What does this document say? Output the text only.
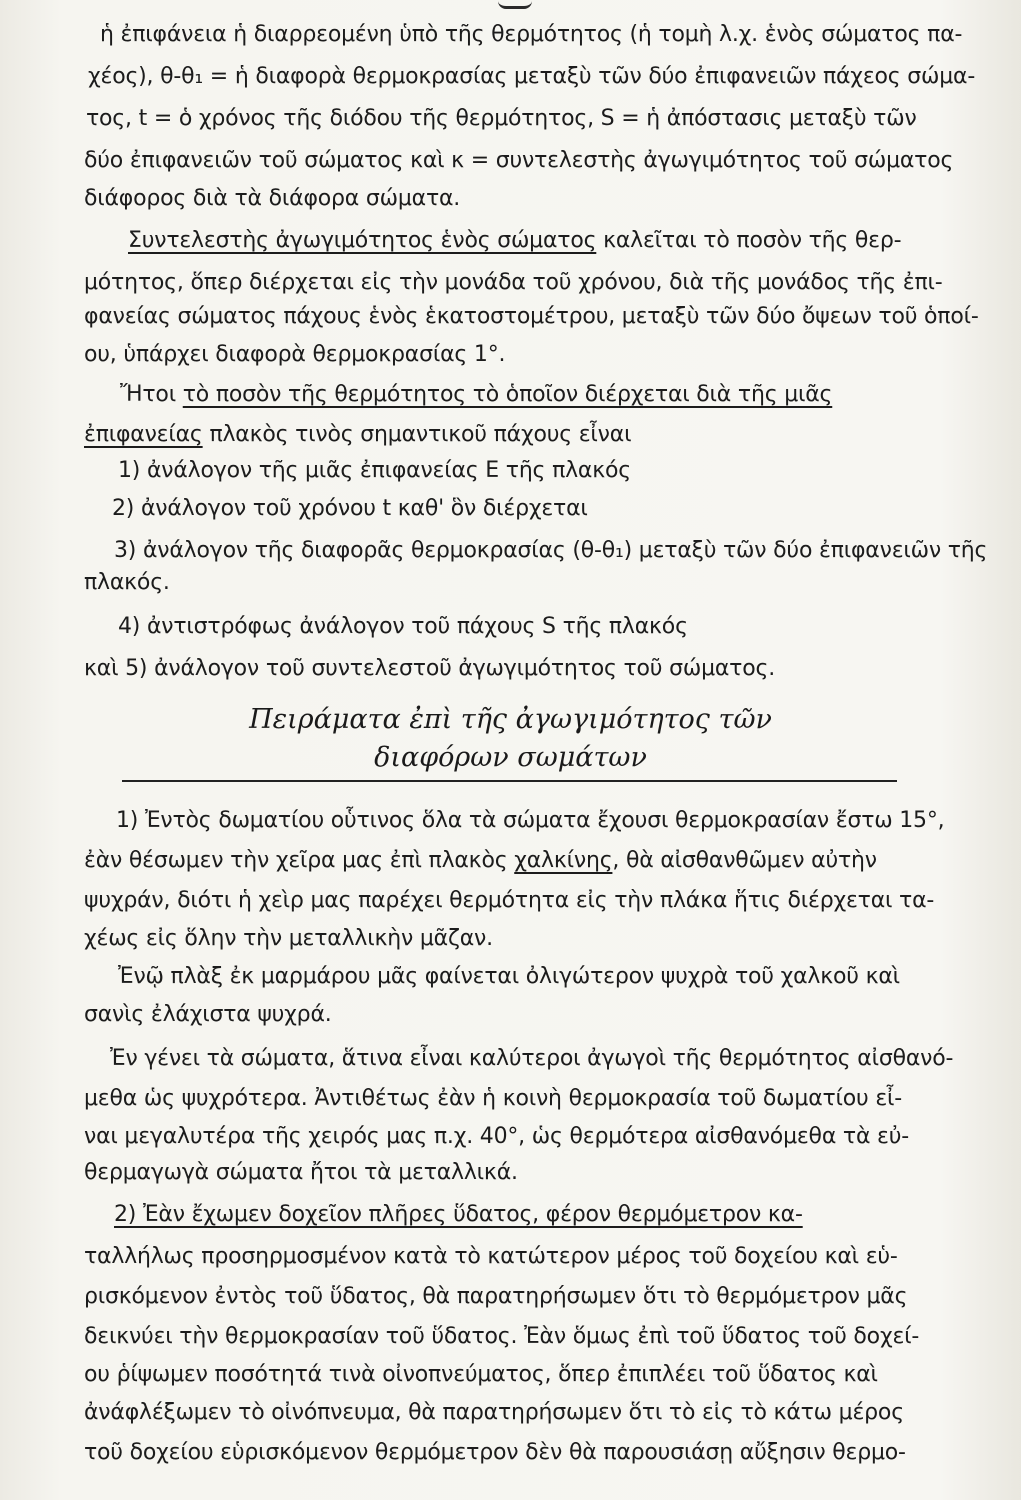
ἡ ἐπιφάνεια ἡ διαρρεομένη ὑπὸ τῆς θερμότητος (ἡ τομὴ λ.χ. ἑνὸς σώματος πα-
χέος), θ-θ₁ = ἡ διαφορὰ θερμοκρασίας μεταξὺ τῶν δύο ἐπιφανειῶν πάχεος σώμα-
τος, t = ὁ χρόνος τῆς διόδου τῆς θερμότητος, S = ἡ ἀπόστασις μεταξὺ τῶν
δύο ἐπιφανειῶν τοῦ σώματος καὶ κ = συντελεστὴς ἀγωγιμότητος τοῦ σώματος
διάφορος διὰ τὰ διάφορα σώματα.
Συντελεστὴς ἀγωγιμότητος ἑνὸς σώματος καλεῖται τὸ ποσὸν τῆς θερ-
μότητος, ὅπερ διέρχεται εἰς τὴν μονάδα τοῦ χρόνου, διὰ τῆς μονάδος τῆς ἐπι-
φανείας σώματος πάχους ἑνὸς ἑκατοστομέτρου, μεταξὺ τῶν δύο ὄψεων τοῦ ὁποί-
ου, ὑπάρχει διαφορὰ θερμοκρασίας 1°.
Ἤτοι τὸ ποσὸν τῆς θερμότητος τὸ ὁποῖον διέρχεται διὰ τῆς μιᾶς
ἐπιφανείας πλακὸς τινὸς σημαντικοῦ πάχους εἶναι
1) ἀνάλογον τῆς μιᾶς ἐπιφανείας Ε τῆς πλακός
2) ἀνάλογον τοῦ χρόνου t καθ' ὃν διέρχεται
3) ἀνάλογον τῆς διαφορᾶς θερμοκρασίας (θ-θ₁) μεταξὺ τῶν δύο ἐπιφανειῶν τῆς
πλακός.
4) ἀντιστρόφως ἀνάλογον τοῦ πάχους S τῆς πλακός
καὶ 5) ἀνάλογον τοῦ συντελεστοῦ ἀγωγιμότητος τοῦ σώματος.
Πειράματα ἐπὶ τῆς ἀγωγιμότητος τῶν
διαφόρων σωμάτων
1) Ἐντὸς δωματίου οὗτινος ὅλα τὰ σώματα ἔχουσι θερμοκρασίαν ἔστω 15°,
ἐὰν θέσωμεν τὴν χεῖρα μας ἐπὶ πλακὸς χαλκίνης, θὰ αἰσθανθῶμεν αὐτὴν
ψυχράν, διότι ἡ χεὶρ μας παρέχει θερμότητα εἰς τὴν πλάκα ἥτις διέρχεται τα-
χέως εἰς ὅλην τὴν μεταλλικὴν μᾶζαν.
Ἐνῷ πλὰξ ἐκ μαρμάρου μᾶς φαίνεται ὀλιγώτερον ψυχρὰ τοῦ χαλκοῦ καὶ
σανὶς ἐλάχιστα ψυχρά.
Ἐν γένει τὰ σώματα, ἅτινα εἶναι καλύτεροι ἀγωγοὶ τῆς θερμότητος αἰσθανό-
μεθα ὡς ψυχρότερα. Ἀντιθέτως ἐὰν ἡ κοινὴ θερμοκρασία τοῦ δωματίου εἶ-
ναι μεγαλυτέρα τῆς χειρός μας π.χ. 40°, ὡς θερμότερα αἰσθανόμεθα τὰ εὐ-
θερμαγωγὰ σώματα ἤτοι τὰ μεταλλικά.
2) Ἐὰν ἔχωμεν δοχεῖον πλῆρες ὕδατος, φέρον θερμόμετρον κα-
ταλλήλως προσηρμοσμένον κατὰ τὸ κατώτερον μέρος τοῦ δοχείου καὶ εὑ-
ρισκόμενον ἐντὸς τοῦ ὕδατος, θὰ παρατηρήσωμεν ὅτι τὸ θερμόμετρον μᾶς
δεικνύει τὴν θερμοκρασίαν τοῦ ὕδατος. Ἐὰν ὅμως ἐπὶ τοῦ ὕδατος τοῦ δοχεί-
ου ῥίψωμεν ποσότητά τινὰ οἰνοπνεύματος, ὅπερ ἐπιπλέει τοῦ ὕδατος καὶ
ἀνάφλέξωμεν τὸ οἰνόπνευμα, θὰ παρατηρήσωμεν ὅτι τὸ εἰς τὸ κάτω μέρος
τοῦ δοχείου εὑρισκόμενον θερμόμετρον δὲν θὰ παρουσιάσῃ αὔξησιν θερμο-
